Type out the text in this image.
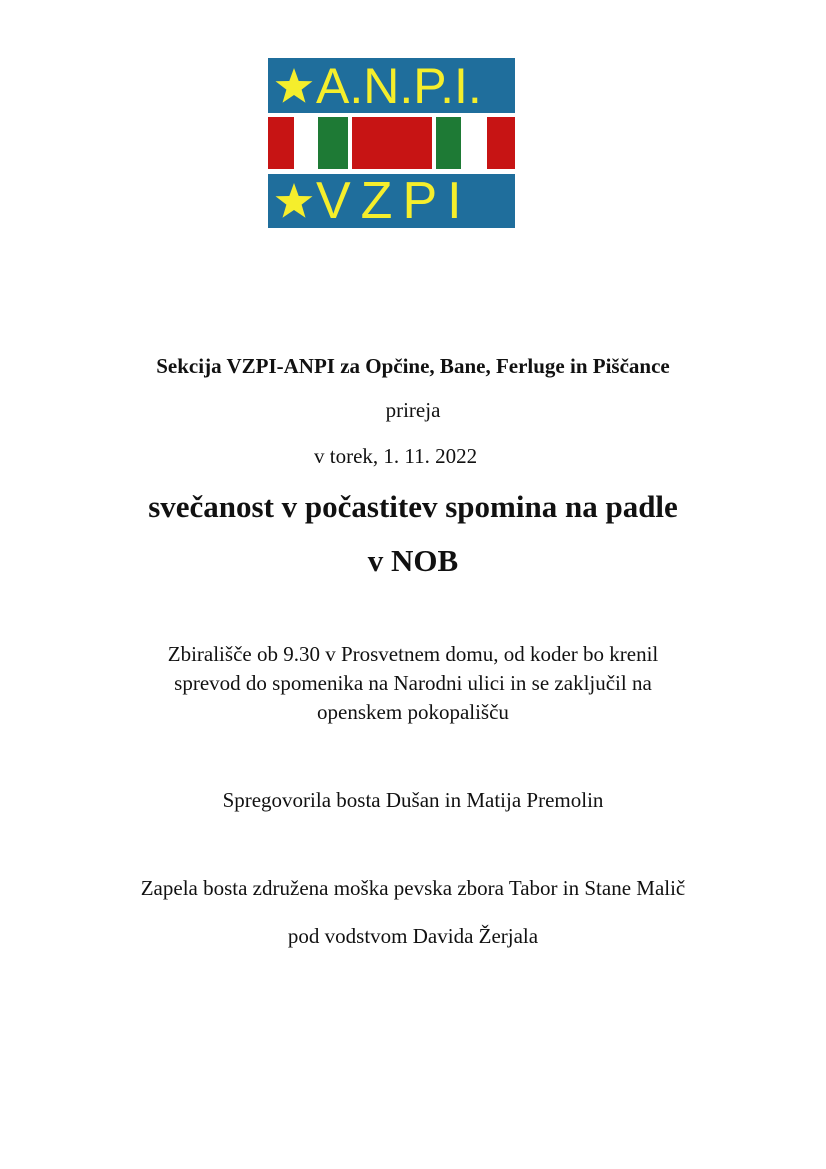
A.N.P.I.
VZPI
Sekcija VZPI-ANPI za Opčine, Bane, Ferluge in Piščance
prireja
v torek, 1. 11. 2022
svečanost v počastitev spomina na padle
v NOB
Zbirališče ob 9.30 v Prosvetnem domu, od koder bo krenil
sprevod do spomenika na Narodni ulici in se zaključil na
openskem pokopališču
Spregovorila bosta Dušan in Matija Premolin
Zapela bosta združena moška pevska zbora Tabor in Stane Malič
pod vodstvom Davida Žerjala
